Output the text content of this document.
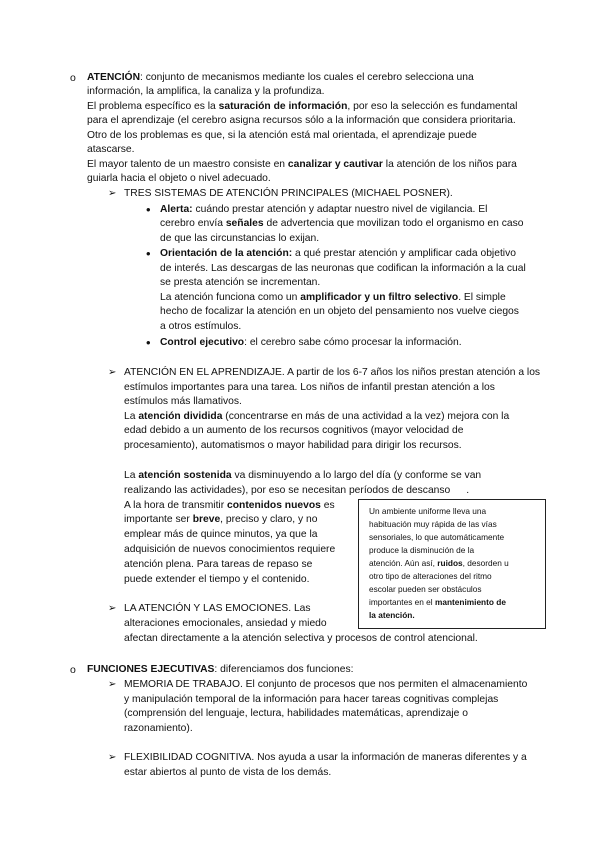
o ATENCIÓN: conjunto de mecanismos mediante los cuales el cerebro selecciona una
información, la amplifica, la canaliza y la profundiza.
El problema específico es la saturación de información, por eso la selección es fundamental
para el aprendizaje (el cerebro asigna recursos sólo a la información que considera prioritaria.
Otro de los problemas es que, si la atención está mal orientada, el aprendizaje puede
atascarse.
El mayor talento de un maestro consiste en canalizar y cautivar la atención de los niños para
guiarla hacia el objeto o nivel adecuado.
➢ TRES SISTEMAS DE ATENCIÓN PRINCIPALES (MICHAEL POSNER).
• Alerta: cuándo prestar atención y adaptar nuestro nivel de vigilancia. El
cerebro envía señales de advertencia que movilizan todo el organismo en caso
de que las circunstancias lo exijan.
• Orientación de la atención: a qué prestar atención y amplificar cada objetivo
de interés. Las descargas de las neuronas que codifican la información a la cual
se presta atención se incrementan.
La atención funciona como un amplificador y un filtro selectivo. El simple
hecho de focalizar la atención en un objeto del pensamiento nos vuelve ciegos
a otros estímulos.
• Control ejecutivo: el cerebro sabe cómo procesar la información.
➢ ATENCIÓN EN EL APRENDIZAJE. A partir de los 6-7 años los niños prestan atención a los
estímulos importantes para una tarea. Los niños de infantil prestan atención a los
estímulos más llamativos.
La atención dividida (concentrarse en más de una actividad a la vez) mejora con la
edad debido a un aumento de los recursos cognitivos (mayor velocidad de
procesamiento), automatismos o mayor habilidad para dirigir los recursos.
La atención sostenida va disminuyendo a lo largo del día (y conforme se van
realizando las actividades), por eso se necesitan períodos de descanso .
A la hora de transmitir contenidos nuevos es
importante ser breve, preciso y claro, y no
emplear más de quince minutos, ya que la
adquisición de nuevos conocimientos requiere
atención plena. Para tareas de repaso se
puede extender el tiempo y el contenido.
➢ LA ATENCIÓN Y LAS EMOCIONES. Las
alteraciones emocionales, ansiedad y miedo
afectan directamente a la atención selectiva y procesos de control atencional.
Un ambiente uniforme lleva una
habituación muy rápida de las vías
sensoriales, lo que automáticamente
produce la disminución de la
atención. Aún así, ruidos, desorden u
otro tipo de alteraciones del ritmo
escolar pueden ser obstáculos
importantes en el mantenimiento de
la atención.
o FUNCIONES EJECUTIVAS: diferenciamos dos funciones:
➢ MEMORIA DE TRABAJO. El conjunto de procesos que nos permiten el almacenamiento
y manipulación temporal de la información para hacer tareas cognitivas complejas
(comprensión del lenguaje, lectura, habilidades matemáticas, aprendizaje o
razonamiento).
➢ FLEXIBILIDAD COGNITIVA. Nos ayuda a usar la información de maneras diferentes y a
estar abiertos al punto de vista de los demás.
